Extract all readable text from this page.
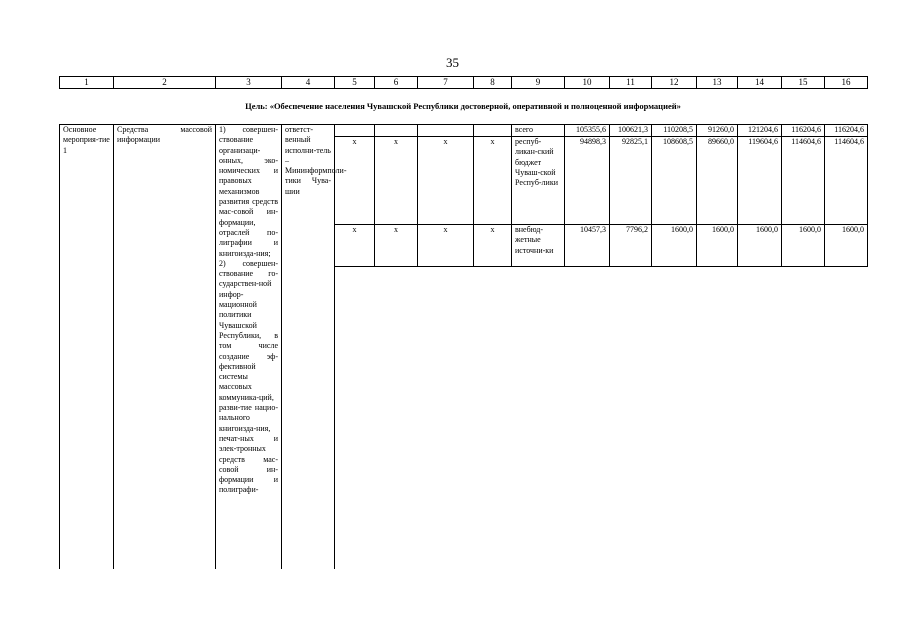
35
1	2	3	4	5	6	7	8	9	10	11	12	13	14	15	16
Цель: «Обеспечение населения Чувашской Республики достоверной, оперативной и полноценной информацией»
Основное мероприя-тие 1	Средства массовой информации	1) совершен-ствование организаци-онных, эко-номических и правовых механизмов развития средств мас-совой ин-формации, отраслей по-лиграфии и книгоизда-ния; 2) совершен-ствование го-сударствен-ной инфор-мационной политики Чувашской Республики, в том числе создание эф-фективной системы массовых коммуника-ций, разви-тие нацио-нального книгоизда-ния, печат-ных и элек-тронных средств мас-совой ин-формации и полиграфи-	ответст-венный исполни-тель – Мининформполи-тики Чува-шии					всего	105355,6	100621,3	110208,5	91260,0	121204,6	116204,6	116204,6
				x	x	x	x	респуб-ликан-ский бюджет Чуваш-ской Респуб-лики	94898,3	92825,1	108608,5	89660,0	119604,6	114604,6	114604,6
				x	x	x	x	внебюд-жетные источни-ки	10457,3	7796,2	1600,0	1600,0	1600,0	1600,0	1600,0
